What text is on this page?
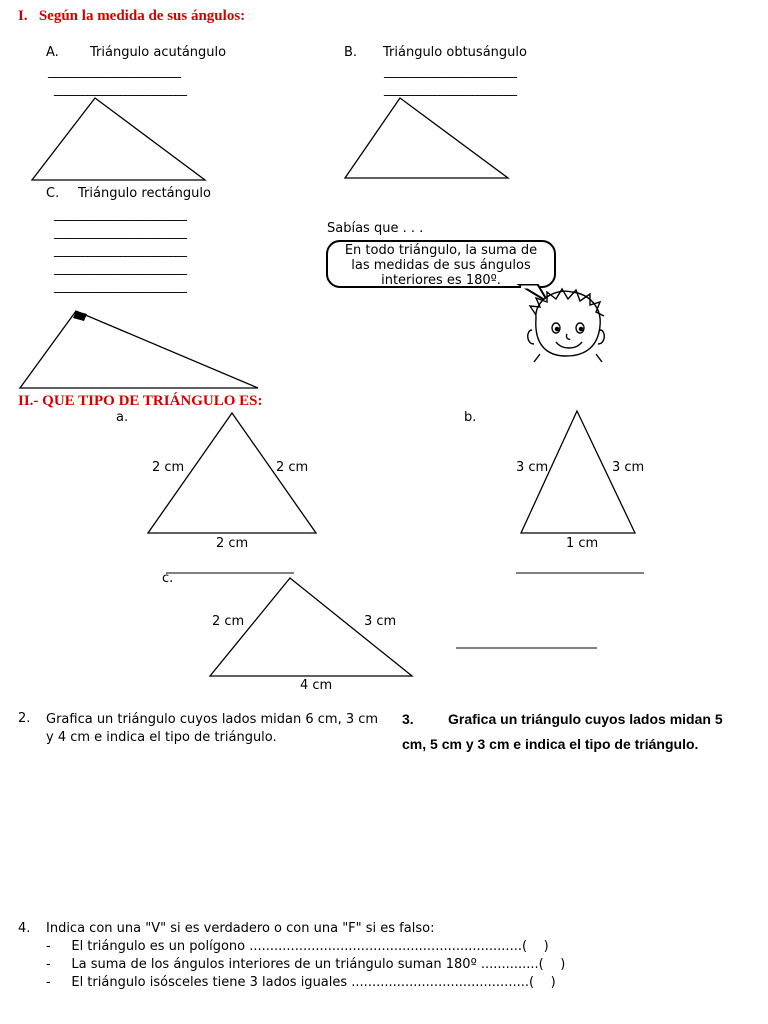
I.   Según la medida de sus ángulos:
A. Triángulo acutángulo
________________________
________________________
B. Triángulo obtusángulo
________________________
________________________
C. Triángulo rectángulo
________________________
________________________
________________________
________________________
________________________
Sabías que . . .
En todo triángulo, la suma de
las medidas de sus ángulos
interiores es 180º.
II.- QUE TIPO DE TRIÁNGULO ES:
a.
2 cm	2 cm
2 cm
b.
3 cm	3 cm
1 cm
c.
2 cm	3 cm
4 cm
2. Grafica un triángulo cuyos lados midan 6 cm, 3 cm y 4 cm e indica el tipo de triángulo.
3.	Grafica un triángulo cuyos lados midan 5 cm, 5 cm y 3 cm e indica el tipo de triángulo.
4. Indica con una "V" si es verdadero o con una "F" si es falso:
-     El triángulo es un polígono ..................................................................(    )
-     La suma de los ángulos interiores de un triángulo suman 180º ..............(    )
-     El triángulo isósceles tiene 3 lados iguales ...........................................(    )
